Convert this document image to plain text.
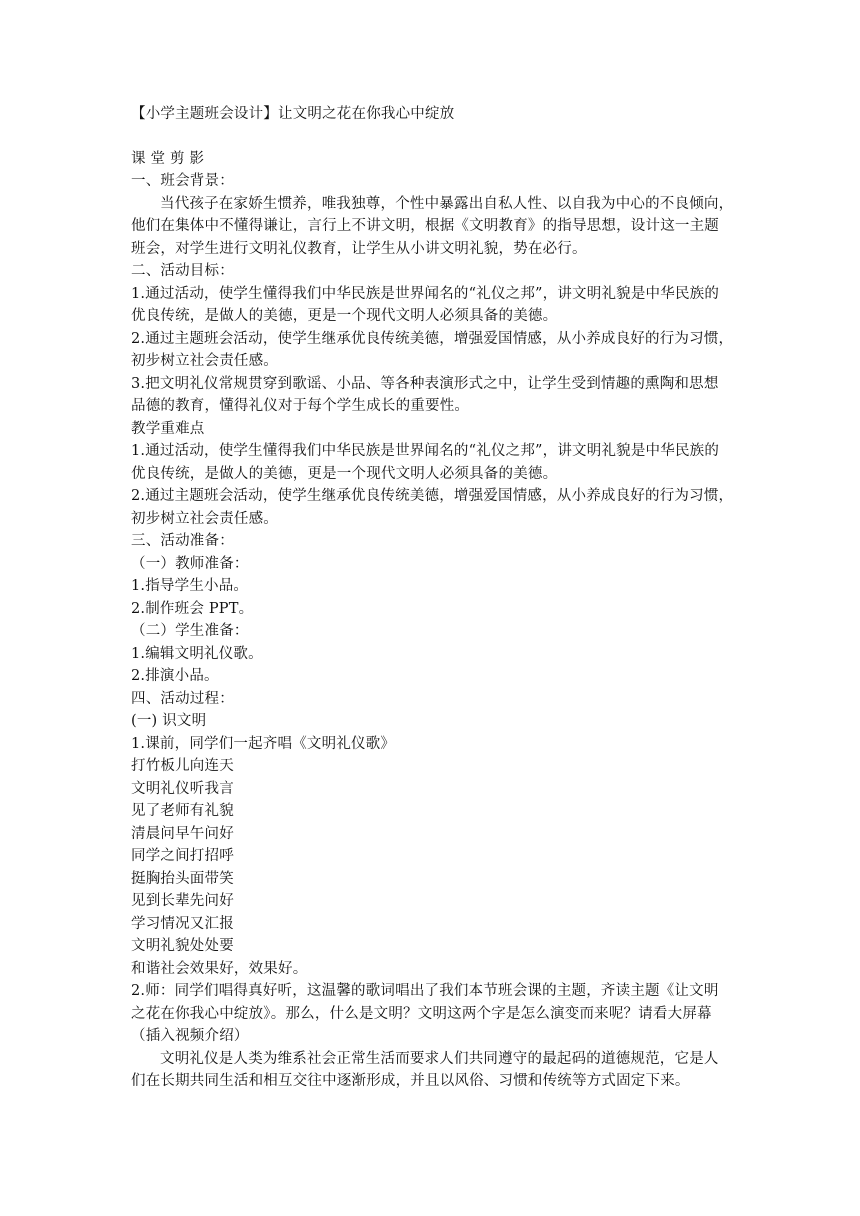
【小学主题班会设计】让文明之花在你我心中绽放
课 堂 剪 影
一、班会背景：
当代孩子在家娇生惯养，唯我独尊，个性中暴露出自私人性、以自我为中心的不良倾向，
他们在集体中不懂得谦让，言行上不讲文明，根据《文明教育》的指导思想，设计这一主题
班会，对学生进行文明礼仪教育，让学生从小讲文明礼貌，势在必行。
二、活动目标：
1.通过活动，使学生懂得我们中华民族是世界闻名的“礼仪之邦”，讲文明礼貌是中华民族的
优良传统，是做人的美德，更是一个现代文明人必须具备的美德。
2.通过主题班会活动，使学生继承优良传统美德，增强爱国情感，从小养成良好的行为习惯，
初步树立社会责任感。
3.把文明礼仪常规贯穿到歌谣、小品、等各种表演形式之中，让学生受到情趣的熏陶和思想
品德的教育，懂得礼仪对于每个学生成长的重要性。
教学重难点
1.通过活动，使学生懂得我们中华民族是世界闻名的“礼仪之邦”，讲文明礼貌是中华民族的
优良传统，是做人的美德，更是一个现代文明人必须具备的美德。
2.通过主题班会活动，使学生继承优良传统美德，增强爱国情感，从小养成良好的行为习惯，
初步树立社会责任感。
三、活动准备：
（一）教师准备：
1.指导学生小品。
2.制作班会 PPT。
（二）学生准备：
1.编辑文明礼仪歌。
2.排演小品。
四、活动过程：
(一) 识文明
1.课前，同学们一起齐唱《文明礼仪歌》
打竹板儿向连天
文明礼仪听我言
见了老师有礼貌
清晨问早午问好
同学之间打招呼
挺胸抬头面带笑
见到长辈先问好
学习情况又汇报
文明礼貌处处要
和谐社会效果好，效果好。
2.师：同学们唱得真好听，这温馨的歌词唱出了我们本节班会课的主题，齐读主题《让文明
之花在你我心中绽放》。那么，什么是文明？文明这两个字是怎么演变而来呢？请看大屏幕
（插入视频介绍）
文明礼仪是人类为维系社会正常生活而要求人们共同遵守的最起码的道德规范，它是人
们在长期共同生活和相互交往中逐渐形成，并且以风俗、习惯和传统等方式固定下来。
